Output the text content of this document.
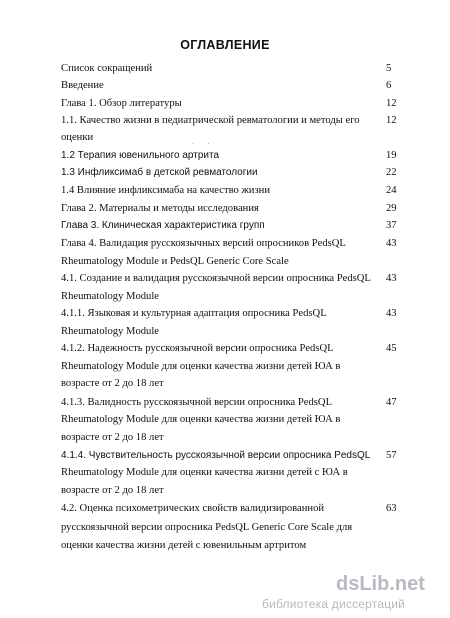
ОГЛАВЛЕНИЕ
Список сокращений	5
Введение	6
Глава 1. Обзор литературы	12
1.1. Качество жизни в педиатрической ревматологии и методы его	12
оценки
1.2 Терапия ювенильного артрита	19
1.3 Инфликсимаб в детской ревматологии	22
1.4 Влияние инфликсимаба на качество жизни	24
Глава 2. Материалы и методы исследования	29
Глава 3. Клиническая характеристика групп	37
Глава 4. Валидация русскоязычных версий опросников PedsQL	43
Rheumatology Module и PedsQL Generic Core Scale
4.1. Создание и валидация русскоязычной версии опросника PedsQL	43
Rheumatology Module
4.1.1. Языковая и культурная адаптация опросника PedsQL	43
Rheumatology Module
4.1.2. Надежность русскоязычной версии опросника PedsQL	45
Rheumatology Module для оценки качества жизни детей ЮА в
возрасте от 2 до 18 лет
4.1.3. Валидность русскоязычной версии опросника PedsQL	47
Rheumatology Module для оценки качества жизни детей ЮА в
возрасте от 2 до 18 лет
4.1.4. Чувствительность русскоязычной версии опросника PedsQL	57
Rheumatology Module для оценки качества жизни детей с ЮА в
возрасте от 2 до 18 лет
4.2. Оценка психометрических свойств валидизированной	63
русскоязычной версии опросника PedsQL Generic Core Scale для
оценки качества жизни детей с ювенильным артритом
·        ·
dsLib.net
библиотека диссертаций
